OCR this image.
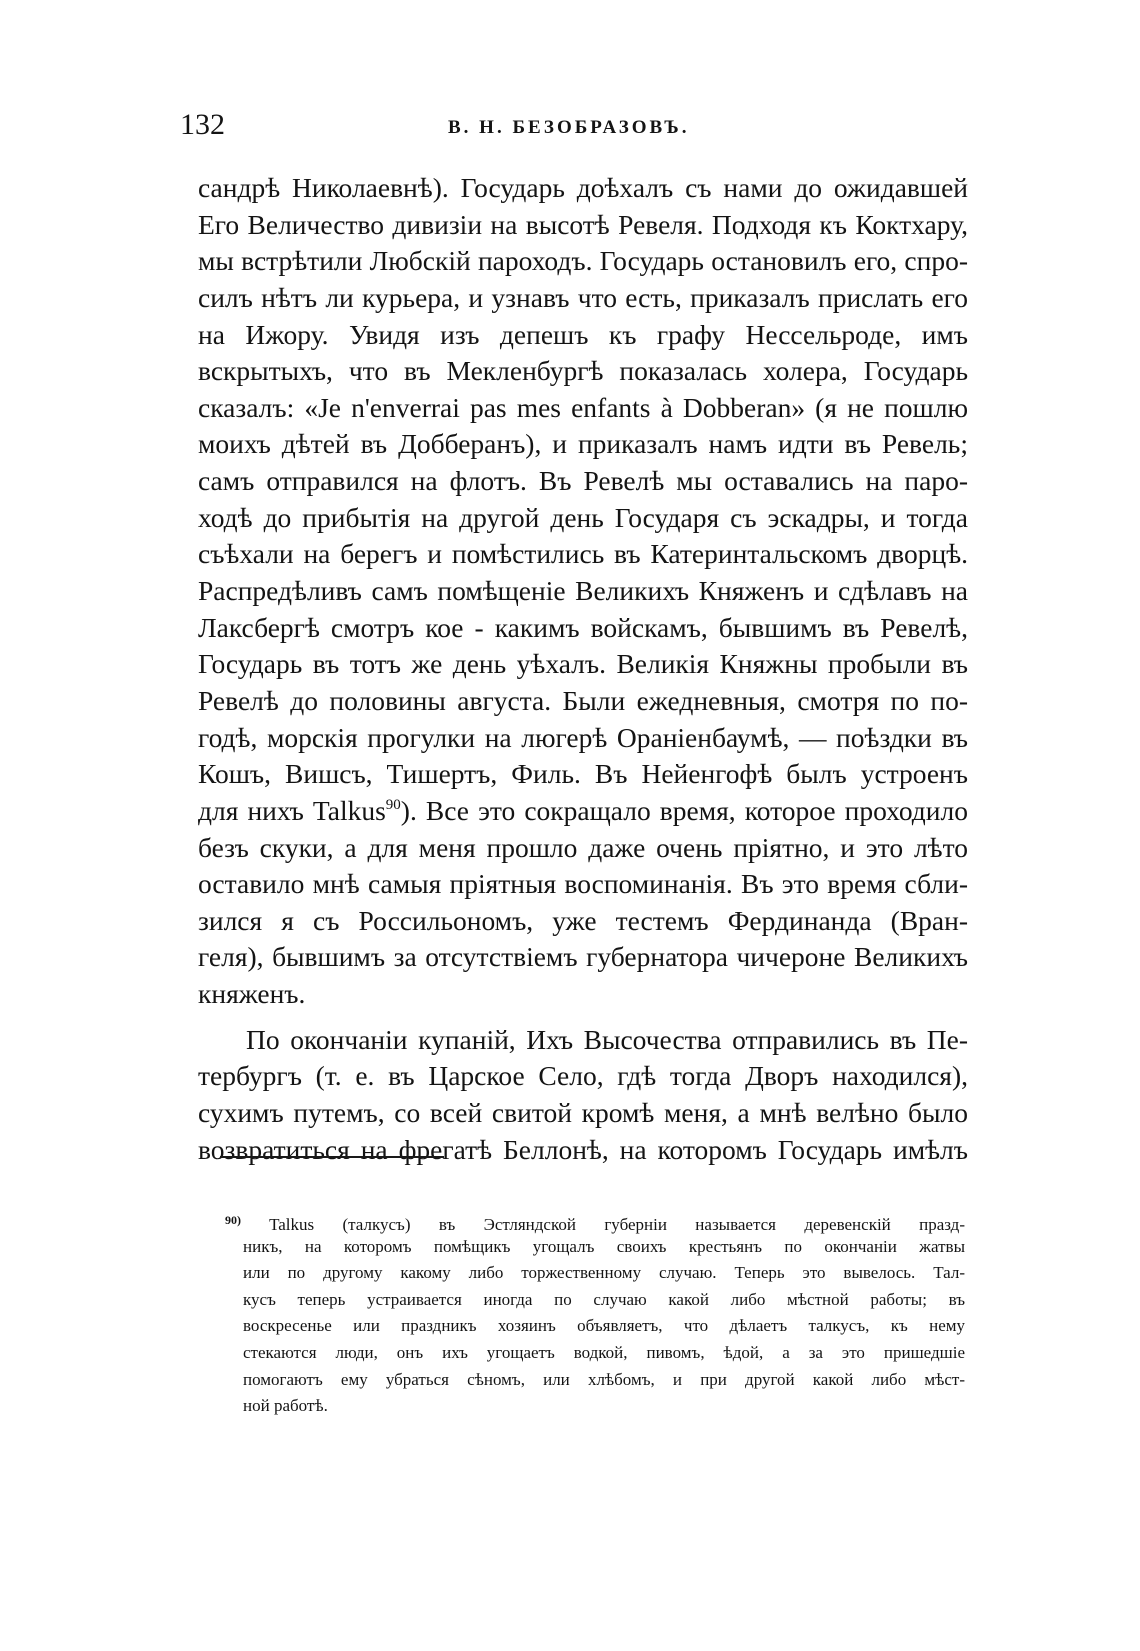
132	В. Н. БЕЗОБРАЗОВЪ.
сандрѣ Николаевнѣ). Государь доѣхалъ съ нами до ожидавшей
Его Величество дивизіи на высотѣ Ревеля. Подходя къ Коктхару,
мы встрѣтили Любскій пароходъ. Государь остановилъ его, спро-
силъ нѣтъ ли курьера, и узнавъ что есть, приказалъ прислать его
на Ижору. Увидя изъ депешъ къ графу Нессельроде, имъ
вскрытыхъ, что въ Мекленбургѣ показалась холера, Государь
сказалъ: «Je n'enverrai pas mes enfants à Dobberan» (я не пошлю
моихъ дѣтей въ Добберанъ), и приказалъ намъ идти въ Ревель;
самъ отправился на флотъ. Въ Ревелѣ мы оставались на паро-
ходѣ до прибытія на другой день Государя съ эскадры, и тогда
съѣхали на берегъ и помѣстились въ Катеринтальскомъ дворцѣ.
Распредѣливъ самъ помѣщеніе Великихъ Княженъ и сдѣлавъ на
Лаксбергѣ смотръ кое - какимъ войскамъ, бывшимъ въ Ревелѣ,
Государь въ тотъ же день уѣхалъ. Великія Княжны пробыли въ
Ревелѣ до половины августа. Были ежедневныя, смотря по по-
годѣ, морскія прогулки на люгерѣ Ораніенбаумѣ, — поѣздки въ
Кошъ, Вишсъ, Тишертъ, Филь. Въ Нейенгофѣ былъ устроенъ
для нихъ Talkus$^{90}$). Все это сокращало время, которое проходило
безъ скуки, а для меня прошло даже очень пріятно, и это лѣто
оставило мнѣ самыя пріятныя воспоминанія. Въ это время сбли-
зился я съ Россильономъ, уже тестемъ Фердинанда (Вран-
геля), бывшимъ за отсутствіемъ губернатора чичероне Великихъ
княженъ.
По окончаніи купаній, Ихъ Высочества отправились въ Пе-
тербургъ (т. е. въ Царское Село, гдѣ тогда Дворъ находился),
сухимъ путемъ, со всей свитой кромѣ меня, а мнѣ велѣно было
возвратиться на фрегатѣ Беллонѣ, на которомъ Государь имѣлъ
$^{90)}$ Talkus (талкусъ) въ Эстляндской губерніи называется деревенскій празд-
никъ, на которомъ помѣщикъ угощалъ своихъ крестьянъ по окончаніи жатвы
или по другому какому либо торжественному случаю. Теперь это вывелось. Тал-
кусъ теперь устраивается иногда по случаю какой либо мѣстной работы; въ
воскресенье или праздникъ хозяинъ объявляетъ, что дѣлаетъ талкусъ, къ нему
стекаются люди, онъ ихъ угощаетъ водкой, пивомъ, ѣдой, а за это пришедшіе
помогаютъ ему убраться сѣномъ, или хлѣбомъ, и при другой какой либо мѣст-
ной работѣ.
